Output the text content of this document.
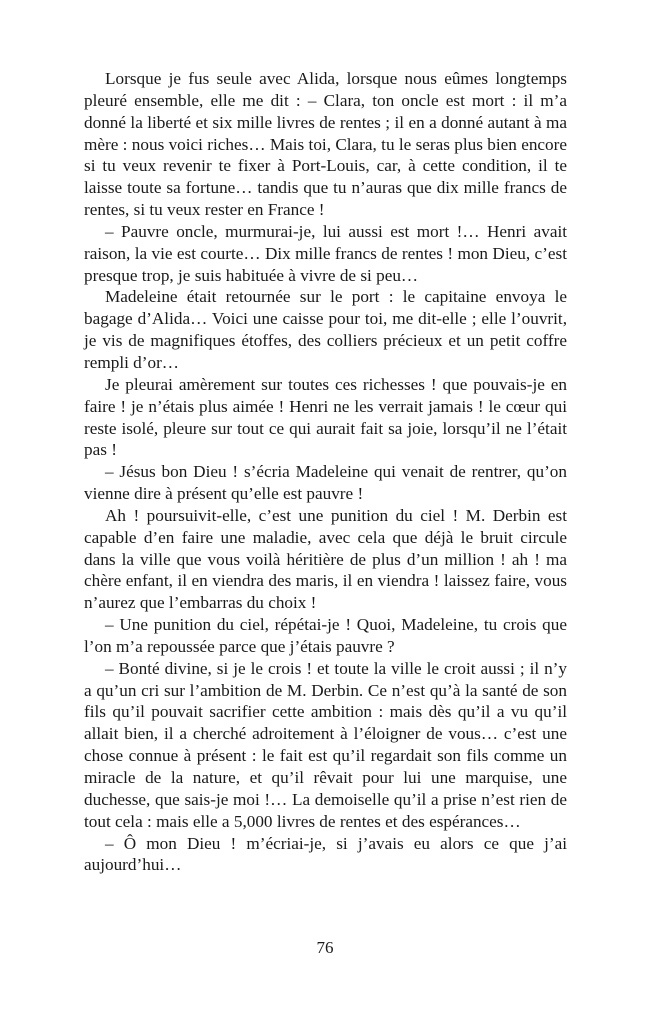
Lorsque je fus seule avec Alida, lorsque nous eûmes longtemps pleuré ensemble, elle me dit : – Clara, ton oncle est mort : il m’a donné la liberté et six mille livres de rentes ; il en a donné autant à ma mère : nous voici riches… Mais toi, Clara, tu le seras plus bien encore si tu veux revenir te fixer à Port-Louis, car, à cette condition, il te laisse toute sa fortune… tandis que tu n’auras que dix mille francs de rentes, si tu veux rester en France !

– Pauvre oncle, murmurai-je, lui aussi est mort !… Henri avait raison, la vie est courte… Dix mille francs de rentes ! mon Dieu, c’est presque trop, je suis habituée à vivre de si peu…

Madeleine était retournée sur le port : le capitaine envoya le bagage d’Alida… Voici une caisse pour toi, me dit-elle ; elle l’ouvrit, je vis de magnifiques étoffes, des colliers précieux et un petit coffre rempli d’or…

Je pleurai amèrement sur toutes ces richesses ! que pouvais-je en faire ! je n’étais plus aimée ! Henri ne les verrait jamais ! le cœur qui reste isolé, pleure sur tout ce qui aurait fait sa joie, lorsqu’il ne l’était pas !

– Jésus bon Dieu ! s’écria Madeleine qui venait de rentrer, qu’on vienne dire à présent qu’elle est pauvre !

Ah ! poursuivit-elle, c’est une punition du ciel ! M. Derbin est capable d’en faire une maladie, avec cela que déjà le bruit circule dans la ville que vous voilà héritière de plus d’un million ! ah ! ma chère enfant, il en viendra des maris, il en viendra ! laissez faire, vous n’aurez que l’embarras du choix !

– Une punition du ciel, répétai-je ! Quoi, Madeleine, tu crois que l’on m’a repoussée parce que j’étais pauvre ?

– Bonté divine, si je le crois ! et toute la ville le croit aussi ; il n’y a qu’un cri sur l’ambition de M. Derbin. Ce n’est qu’à la santé de son fils qu’il pouvait sacrifier cette ambition : mais dès qu’il a vu qu’il allait bien, il a cherché adroitement à l’éloigner de vous… c’est une chose connue à présent : le fait est qu’il regardait son fils comme un miracle de la nature, et qu’il rêvait pour lui une marquise, une duchesse, que sais-je moi !… La demoiselle qu’il a prise n’est rien de tout cela : mais elle a 5,000 livres de rentes et des espérances…

– Ô mon Dieu ! m’écriai-je, si j’avais eu alors ce que j’ai aujourd’hui…

76
